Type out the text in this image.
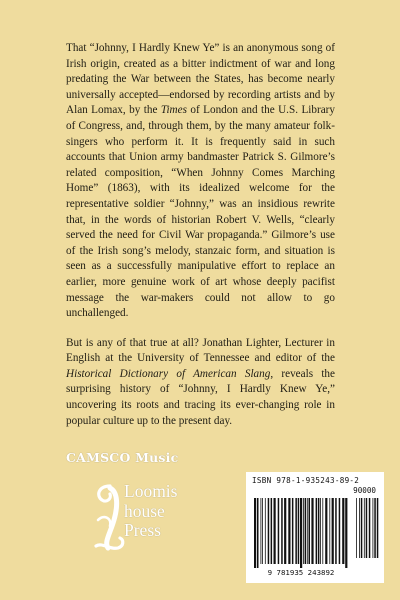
That “Johnny, I Hardly Knew Ye” is an anonymous song of Irish origin, created as a bitter indictment of war and long predating the War between the States, has become nearly universally accepted—endorsed by recording artists and by Alan Lomax, by the Times of London and the U.S. Library of Congress, and, through them, by the many amateur folk-singers who perform it. It is frequently said in such accounts that Union army bandmaster Patrick S. Gilmore’s related composition, “When Johnny Comes Marching Home” (1863), with its idealized welcome for the representative soldier “Johnny,” was an insidious rewrite that, in the words of historian Robert V. Wells, “clearly served the need for Civil War propaganda.” Gilmore’s use of the Irish song’s melody, stanzaic form, and situation is seen as a successfully manipulative effort to replace an earlier, more genuine work of art whose deeply pacifist message the war-makers could not allow to go unchallenged.

But is any of that true at all? Jonathan Lighter, Lecturer in English at the University of Tennessee and editor of the Historical Dictionary of American Slang, reveals the surprising history of “Johnny, I Hardly Knew Ye,” uncovering its roots and tracing its ever-changing role in popular culture up to the present day.

CAMSCO Music
Loomis
house
Press
ISBN 978-1-935243-89-2
90000
9 781935 243892
